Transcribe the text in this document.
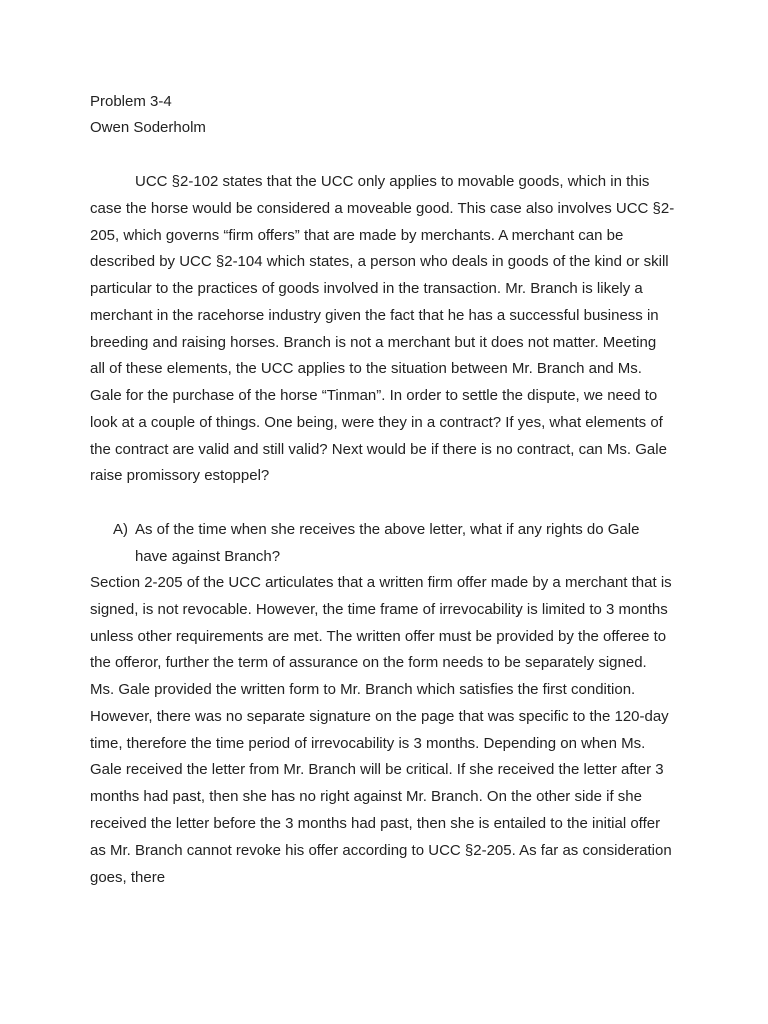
Problem 3-4
Owen Soderholm
UCC §2-102 states that the UCC only applies to movable goods, which in this
case the horse would be considered a moveable good. This case also involves UCC §2-
205, which governs “firm offers” that are made by merchants. A merchant can be
described by UCC §2-104 which states, a person who deals in goods of the kind or skill
particular to the practices of goods involved in the transaction. Mr. Branch is likely a
merchant in the racehorse industry given the fact that he has a successful business in
breeding and raising horses. Branch is not a merchant but it does not matter. Meeting
all of these elements, the UCC applies to the situation between Mr. Branch and Ms.
Gale for the purchase of the horse “Tinman”. In order to settle the dispute, we need to
look at a couple of things. One being, were they in a contract? If yes, what elements of
the contract are valid and still valid? Next would be if there is no contract, can Ms. Gale
raise promissory estoppel?
A) As of the time when she receives the above letter, what if any rights do Gale
have against Branch?
Section 2-205 of the UCC articulates that a written firm offer made by a merchant that is
signed, is not revocable. However, the time frame of irrevocability is limited to 3 months
unless other requirements are met. The written offer must be provided by the offeree to
the offeror, further the term of assurance on the form needs to be separately signed.
Ms. Gale provided the written form to Mr. Branch which satisfies the first condition.
However, there was no separate signature on the page that was specific to the 120-day
time, therefore the time period of irrevocability is 3 months. Depending on when Ms.
Gale received the letter from Mr. Branch will be critical. If she received the letter after 3
months had past, then she has no right against Mr. Branch. On the other side if she
received the letter before the 3 months had past, then she is entailed to the initial offer
as Mr. Branch cannot revoke his offer according to UCC §2-205. As far as consideration
goes, there
